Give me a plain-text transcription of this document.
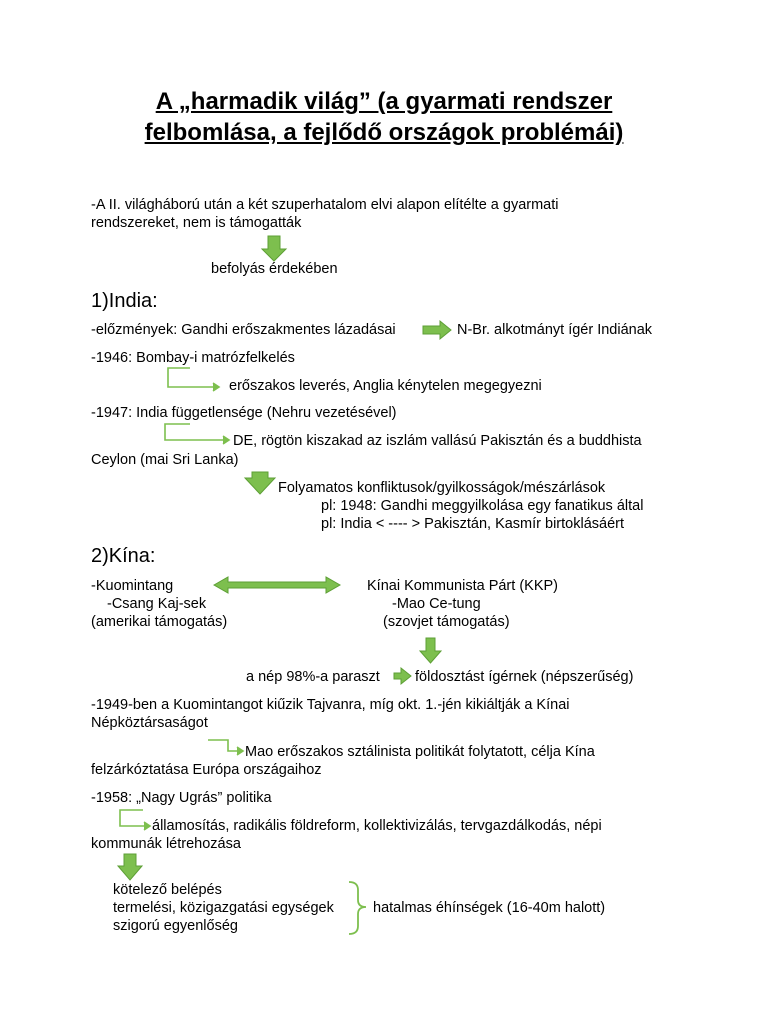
A „harmadik világ” (a gyarmati rendszer
felbomlása, a fejlődő országok problémái)
-A II. világháború után a két szuperhatalom elvi alapon elítélte a gyarmati
rendszereket, nem is támogatták
befolyás érdekében
1)India:
-előzmények: Gandhi erőszakmentes lázadásai	N-Br. alkotmányt ígér Indiának
-1946: Bombay-i matrózfelkelés
erőszakos leverés, Anglia kénytelen megegyezni
-1947: India függetlensége (Nehru vezetésével)
DE, rögtön kiszakad az iszlám vallású Pakisztán és a buddhista
Ceylon (mai Sri Lanka)
Folyamatos konfliktusok/gyilkosságok/mészárlások
pl: 1948: Gandhi meggyilkolása egy fanatikus által
pl: India < ---- > Pakisztán, Kasmír birtoklásáért
2)Kína:
-Kuomintang
-Csang Kaj-sek
(amerikai támogatás)
Kínai Kommunista Párt (KKP)
-Mao Ce-tung
(szovjet támogatás)
a nép 98%-a paraszt földosztást ígérnek (népszerűség)
-1949-ben a Kuomintangot kiűzik Tajvanra, míg okt. 1.-jén kikiáltják a Kínai
Népköztársaságot
Mao erőszakos sztálinista politikát folytatott, célja Kína
felzárkóztatása Európa országaihoz
-1958: „Nagy Ugrás” politika
államosítás, radikális földreform, kollektivizálás, tervgazdálkodás, népi
kommunák létrehozása
kötelező belépés
termelési, közigazgatási egységek
szigorú egyenlőség
hatalmas éhínségek (16-40m halott)
